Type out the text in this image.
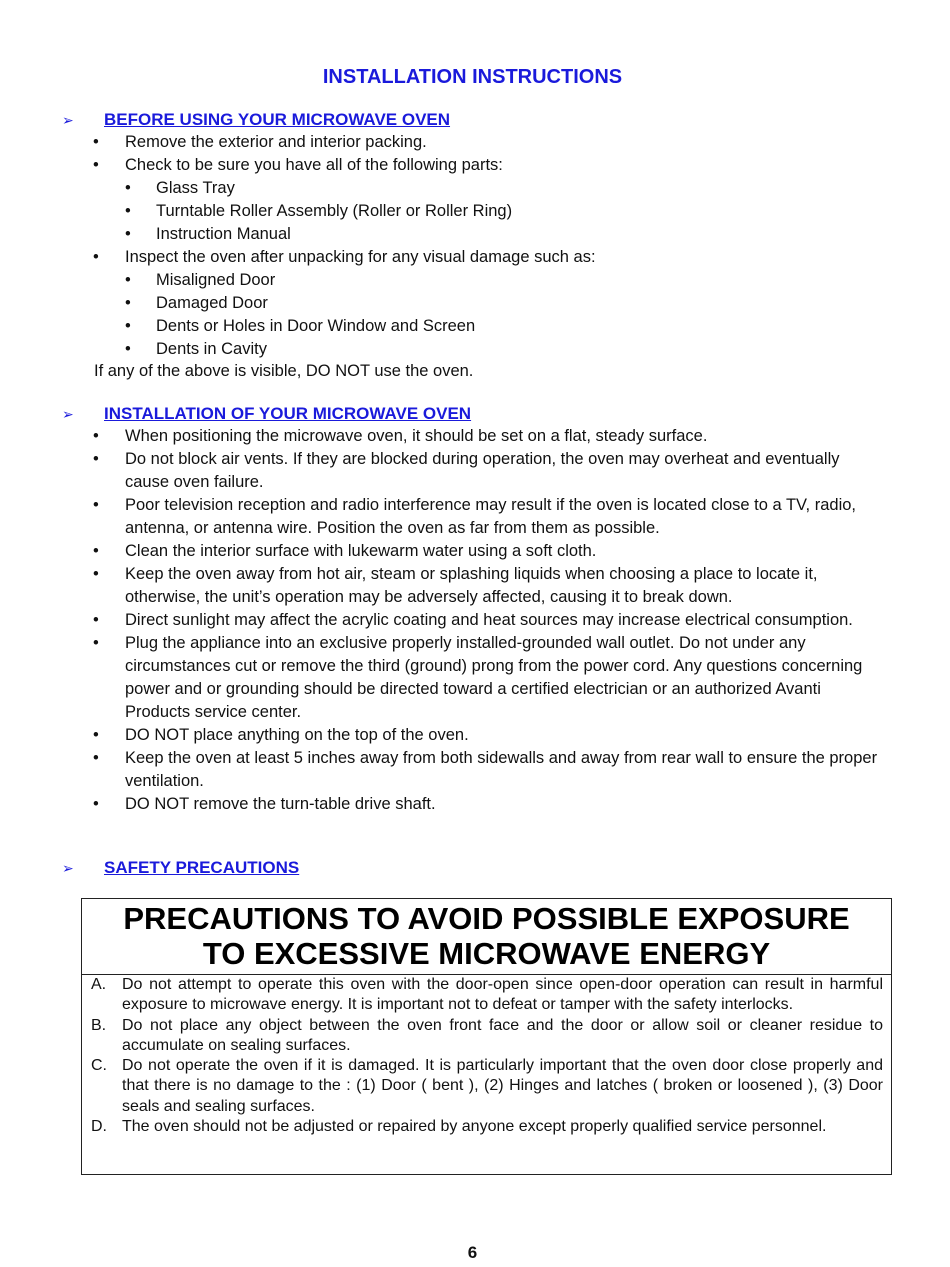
INSTALLATION INSTRUCTIONS
➢ BEFORE USING YOUR MICROWAVE OVEN
• Remove the exterior and interior packing.
• Check to be sure you have all of the following parts:
• Glass Tray
• Turntable Roller Assembly (Roller or Roller Ring)
• Instruction Manual
• Inspect the oven after unpacking for any visual damage such as:
• Misaligned Door
• Damaged Door
• Dents or Holes in Door Window and Screen
• Dents in Cavity
If any of the above is visible, DO NOT use the oven.
➢ INSTALLATION OF YOUR MICROWAVE OVEN
• When positioning the microwave oven, it should be set on a flat, steady surface.
• Do not block air vents. If they are blocked during operation, the oven may overheat and eventually cause oven failure.
• Poor television reception and radio interference may result if the oven is located close to a TV, radio, antenna, or antenna wire. Position the oven as far from them as possible.
• Clean the interior surface with lukewarm water using a soft cloth.
• Keep the oven away from hot air, steam or splashing liquids when choosing a place to locate it, otherwise, the unit’s operation may be adversely affected, causing it to break down.
• Direct sunlight may affect the acrylic coating and heat sources may increase electrical consumption.
• Plug the appliance into an exclusive properly installed-grounded wall outlet. Do not under any circumstances cut or remove the third (ground) prong from the power cord. Any questions concerning power and or grounding should be directed toward a certified electrician or an authorized Avanti Products service center.
• DO NOT place anything on the top of the oven.
• Keep the oven at least 5 inches away from both sidewalls and away from rear wall to ensure the proper ventilation.
• DO NOT remove the turn-table drive shaft.
➢ SAFETY PRECAUTIONS
PRECAUTIONS TO AVOID POSSIBLE EXPOSURE
TO EXCESSIVE MICROWAVE ENERGY
A. Do not attempt to operate this oven with the door-open since open-door operation can result in harmful exposure to microwave energy. It is important not to defeat or tamper with the safety interlocks.
B. Do not place any object between the oven front face and the door or allow soil or cleaner residue to accumulate on sealing surfaces.
C. Do not operate the oven if it is damaged. It is particularly important that the oven door close properly and that there is no damage to the : (1) Door ( bent ), (2) Hinges and latches ( broken or loosened ), (3) Door seals and sealing surfaces.
D. The oven should not be adjusted or repaired by anyone except properly qualified service personnel.
6
